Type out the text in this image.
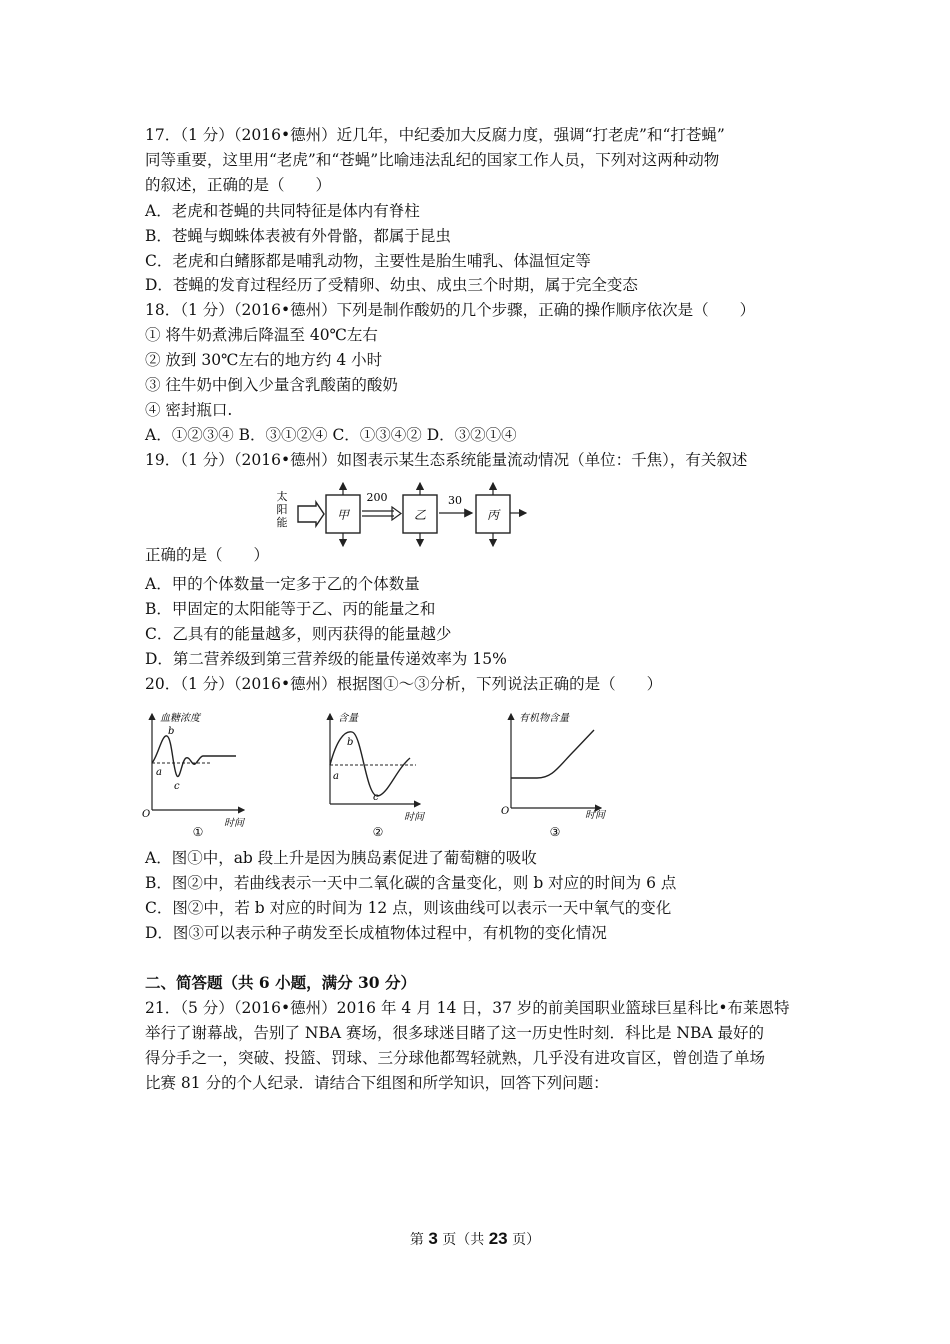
17．（1 分）（2016•德州）近几年，中纪委加大反腐力度，强调“打老虎”和“打苍蝇”
同等重要，这里用“老虎”和“苍蝇”比喻违法乱纪的国家工作人员，下列对这两种动物
的叙述，正确的是（　　）
A．老虎和苍蝇的共同特征是体内有脊柱
B．苍蝇与蜘蛛体表被有外骨骼，都属于昆虫
C．老虎和白鳍豚都是哺乳动物，主要性是胎生哺乳、体温恒定等
D．苍蝇的发育过程经历了受精卵、幼虫、成虫三个时期，属于完全变态
18．（1 分）（2016•德州）下列是制作酸奶的几个步骤，正确的操作顺序依次是（　　）
① 将牛奶煮沸后降温至 40℃左右
② 放到 30℃左右的地方约 4 小时
③ 往牛奶中倒入少量含乳酸菌的酸奶
④ 密封瓶口.
A．①②③④ B．③①②④ C．①③④② D．③②①④
19．（1 分）（2016•德州）如图表示某生态系统能量流动情况（单位：千焦），有关叙述
太
阳
能
甲
200
乙
30
丙
正确的是（　　）
A．甲的个体数量一定多于乙的个体数量
B．甲固定的太阳能等于乙、丙的能量之和
C．乙具有的能量越多，则丙获得的能量越少
D．第二营养级到第三营养级的能量传递效率为 15%
20．（1 分）（2016•德州）根据图①～③分析，下列说法正确的是（　　）
血糖浓度
O
时间
a
b
c
①
含量
时间
a
b
c
②
有机物含量
O	时间
③
A．图①中，ab 段上升是因为胰岛素促进了葡萄糖的吸收
B．图②中，若曲线表示一天中二氧化碳的含量变化，则 b 对应的时间为 6 点
C．图②中，若 b 对应的时间为 12 点，则该曲线可以表示一天中氧气的变化
D．图③可以表示种子萌发至长成植物体过程中，有机物的变化情况
二、简答题（共 6 小题，满分 30 分）
21．（5 分）（2016•德州）2016 年 4 月 14 日，37 岁的前美国职业篮球巨星科比•布莱恩特
举行了谢幕战，告别了 NBA 赛场，很多球迷目睹了这一历史性时刻．科比是 NBA 最好的
得分手之一，突破、投篮、罚球、三分球他都驾轻就熟，几乎没有进攻盲区，曾创造了单场
比赛 81 分的个人纪录．请结合下组图和所学知识，回答下列问题：
第 3 页（共 23 页）
